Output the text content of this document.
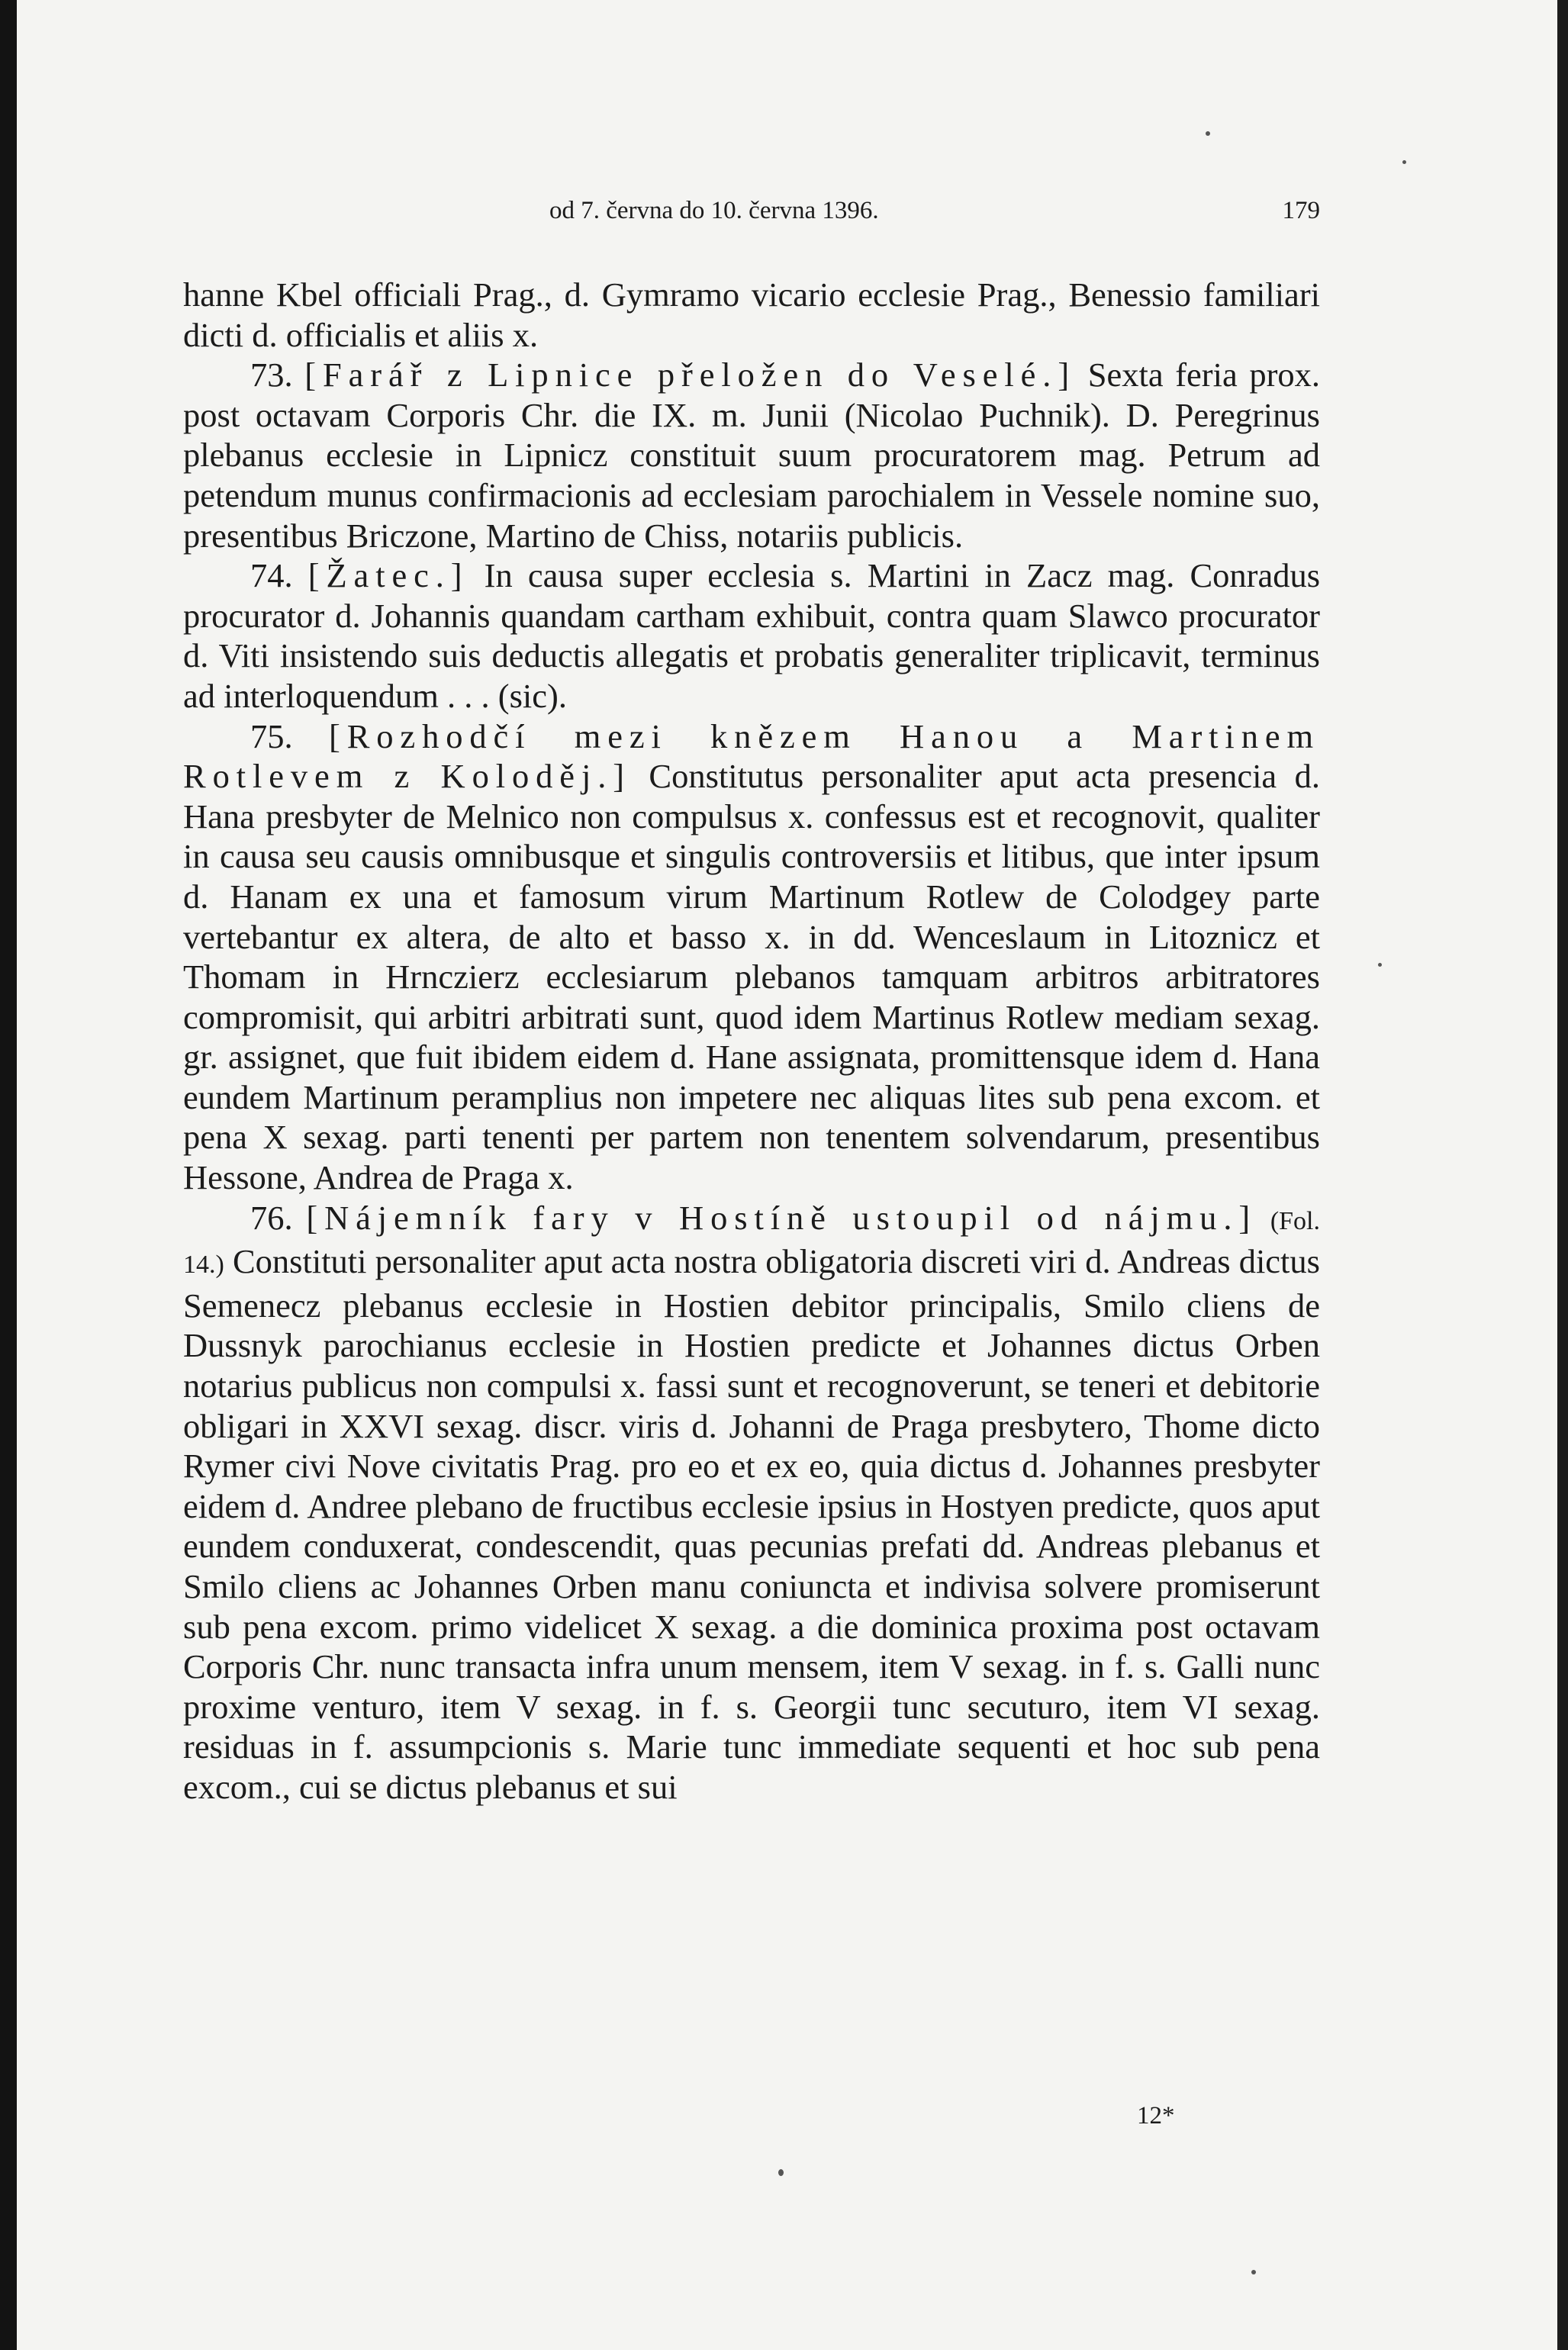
od 7. června do 10. června 1396.	179

hanne Kbel officiali Prag., d. Gymramo vicario ecclesie Prag., Benessio familiari dicti d. officialis et aliis x.

73. [Farář z Lipnice přeložen do Veselé.] Sexta feria prox. post octavam Corporis Chr. die IX. m. Junii (Nicolao Puchnik). D. Peregrinus plebanus ecclesie in Lipnicz constituit suum procuratorem mag. Petrum ad petendum munus confirmacionis ad ecclesiam parochialem in Vessele nomine suo, presentibus Briczone, Martino de Chiss, notariis publicis.

74. [Žatec.] In causa super ecclesia s. Martini in Zacz mag. Conradus procurator d. Johannis quandam cartham exhibuit, contra quam Slawco procurator d. Viti insistendo suis deductis allegatis et probatis generaliter triplicavit, terminus ad interloquendum . . . (sic).

75. [Rozhodčí mezi knězem Hanou a Martinem Rotlevem z Koloděj.] Constitutus personaliter aput acta presencia d. Hana presbyter de Melnico non compulsus x. confessus est et recognovit, qualiter in causa seu causis omnibusque et singulis controversiis et litibus, que inter ipsum d. Hanam ex una et famosum virum Martinum Rotlew de Colodgey parte vertebantur ex altera, de alto et basso x. in dd. Wenceslaum in Litoznicz et Thomam in Hrnczierz ecclesiarum plebanos tamquam arbitros arbitratores compromisit, qui arbitri arbitrati sunt, quod idem Martinus Rotlew mediam sexag. gr. assignet, que fuit ibidem eidem d. Hane assignata, promittensque idem d. Hana eundem Martinum peramplius non impetere nec aliquas lites sub pena excom. et pena X sexag. parti tenenti per partem non tenentem solvendarum, presentibus Hessone, Andrea de Praga x.

76. [Nájemník fary v Hostíně ustoupil od nájmu.] (Fol. 14.) Constituti personaliter aput acta nostra obligatoria discreti viri d. Andreas dictus Semenecz plebanus ecclesie in Hostien debitor principalis, Smilo cliens de Dussnyk parochianus ecclesie in Hostien predicte et Johannes dictus Orben notarius publicus non compulsi x. fassi sunt et recognoverunt, se teneri et debitorie obligari in XXVI sexag. discr. viris d. Johanni de Praga presbytero, Thome dicto Rymer civi Nove civitatis Prag. pro eo et ex eo, quia dictus d. Johannes presbyter eidem d. Andree plebano de fructibus ecclesie ipsius in Hostyen predicte, quos aput eundem conduxerat, condescendit, quas pecunias prefati dd. Andreas plebanus et Smilo cliens ac Johannes Orben manu coniuncta et indivisa solvere promiserunt sub pena excom. primo videlicet X sexag. a die dominica proxima post octavam Corporis Chr. nunc transacta infra unum mensem, item V sexag. in f. s. Galli nunc proxime venturo, item V sexag. in f. s. Georgii tunc secuturo, item VI sexag. residuas in f. assumpcionis s. Marie tunc immediate sequenti et hoc sub pena excom., cui se dictus plebanus et sui

12*
